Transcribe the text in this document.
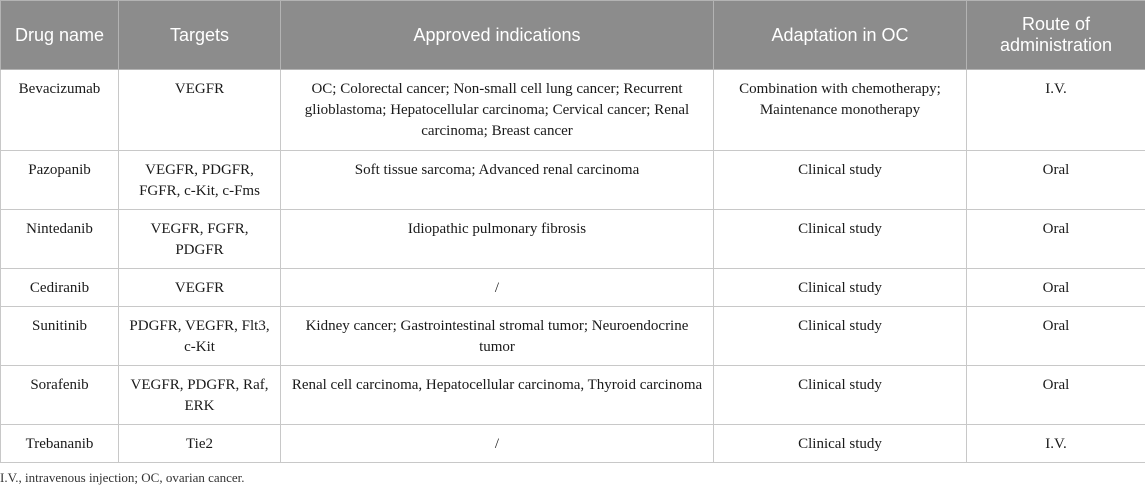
Drug name	Targets	Approved indications	Adaptation in OC	Route of administration
Bevacizumab	VEGFR	OC; Colorectal cancer; Non-small cell lung cancer; Recurrent glioblastoma; Hepatocellular carcinoma; Cervical cancer; Renal carcinoma; Breast cancer	Combination with chemotherapy; Maintenance monotherapy	I.V.
Pazopanib	VEGFR, PDGFR, FGFR, c-Kit, c-Fms	Soft tissue sarcoma; Advanced renal carcinoma	Clinical study	Oral
Nintedanib	VEGFR, FGFR, PDGFR	Idiopathic pulmonary fibrosis	Clinical study	Oral
Cediranib	VEGFR	/	Clinical study	Oral
Sunitinib	PDGFR, VEGFR, Flt3, c-Kit	Kidney cancer; Gastrointestinal stromal tumor; Neuroendocrine tumor	Clinical study	Oral
Sorafenib	VEGFR, PDGFR, Raf, ERK	Renal cell carcinoma, Hepatocellular carcinoma, Thyroid carcinoma	Clinical study	Oral
Trebananib	Tie2	/	Clinical study	I.V.
I.V., intravenous injection; OC, ovarian cancer.
